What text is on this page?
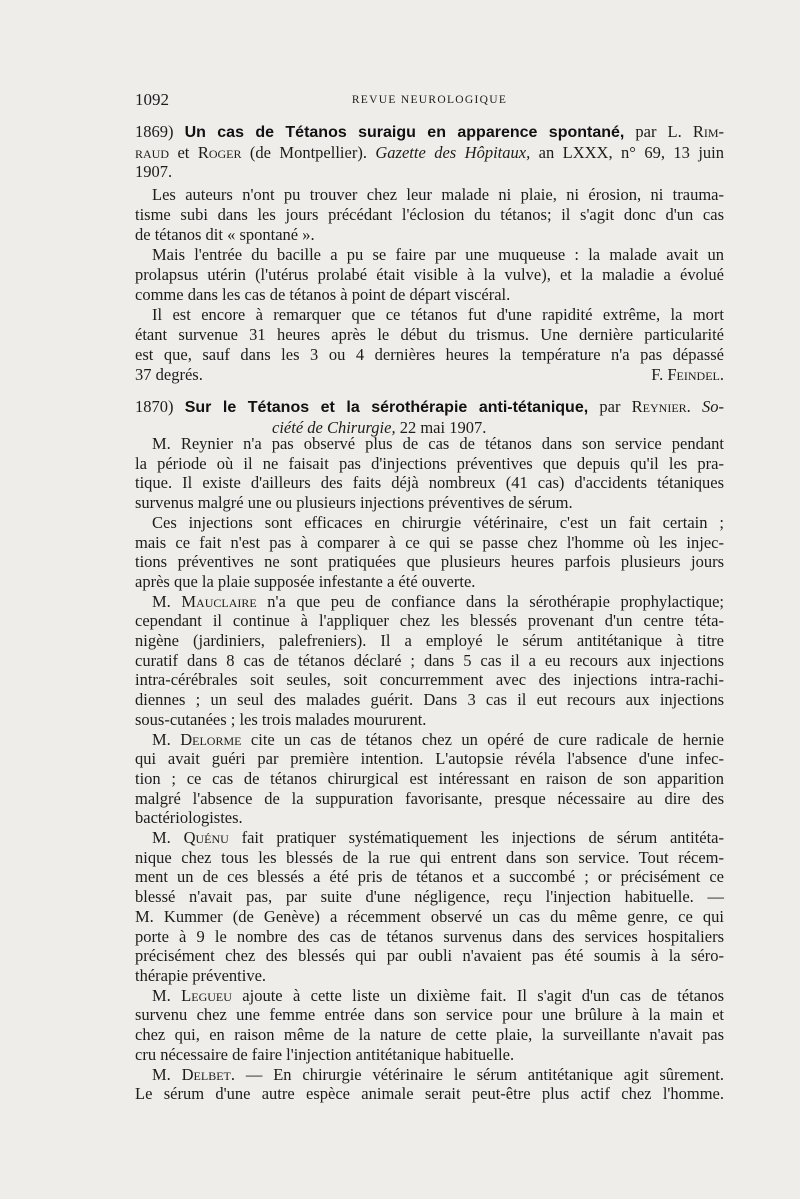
1092	REVUE NEUROLOGIQUE
1869) Un cas de Tétanos suraigu en apparence spontané, par L. Rim-
raud et Roger (de Montpellier). Gazette des Hôpitaux, an LXXX, n° 69, 13 juin
1907.
Les auteurs n'ont pu trouver chez leur malade ni plaie, ni érosion, ni trauma-
tisme subi dans les jours précédant l'éclosion du tétanos; il s'agit donc d'un cas
de tétanos dit « spontané ».
Mais l'entrée du bacille a pu se faire par une muqueuse : la malade avait un
prolapsus utérin (l'utérus prolabé était visible à la vulve), et la maladie a évolué
comme dans les cas de tétanos à point de départ viscéral.
Il est encore à remarquer que ce tétanos fut d'une rapidité extrême, la mort
étant survenue 31 heures après le début du trismus. Une dernière particularité
est que, sauf dans les 3 ou 4 dernières heures la température n'a pas dépassé
F. Feindel.
37 degrés.
1870) Sur le Tétanos et la sérothérapie anti-tétanique, par Reynier. So-
ciété de Chirurgie, 22 mai 1907.
M. Reynier n'a pas observé plus de cas de tétanos dans son service pendant
la période où il ne faisait pas d'injections préventives que depuis qu'il les pra-
tique. Il existe d'ailleurs des faits déjà nombreux (41 cas) d'accidents tétaniques
survenus malgré une ou plusieurs injections préventives de sérum.
Ces injections sont efficaces en chirurgie vétérinaire, c'est un fait certain ;
mais ce fait n'est pas à comparer à ce qui se passe chez l'homme où les injec-
tions préventives ne sont pratiquées que plusieurs heures parfois plusieurs jours
après que la plaie supposée infestante a été ouverte.
M. Mauclaire n'a que peu de confiance dans la sérothérapie prophylactique;
cependant il continue à l'appliquer chez les blessés provenant d'un centre téta-
nigène (jardiniers, palefreniers). Il a employé le sérum antitétanique à titre
curatif dans 8 cas de tétanos déclaré ; dans 5 cas il a eu recours aux injections
intra-cérébrales soit seules, soit concurremment avec des injections intra-rachi-
diennes ; un seul des malades guérit. Dans 3 cas il eut recours aux injections
sous-cutanées ; les trois malades moururent.
M. Delorme cite un cas de tétanos chez un opéré de cure radicale de hernie
qui avait guéri par première intention. L'autopsie révéla l'absence d'une infec-
tion ; ce cas de tétanos chirurgical est intéressant en raison de son apparition
malgré l'absence de la suppuration favorisante, presque nécessaire au dire des
bactériologistes.
M. Quénu fait pratiquer systématiquement les injections de sérum antitéta-
nique chez tous les blessés de la rue qui entrent dans son service. Tout récem-
ment un de ces blessés a été pris de tétanos et a succombé ; or précisément ce
blessé n'avait pas, par suite d'une négligence, reçu l'injection habituelle. —
M. Kummer (de Genève) a récemment observé un cas du même genre, ce qui
porte à 9 le nombre des cas de tétanos survenus dans des services hospitaliers
précisément chez des blessés qui par oubli n'avaient pas été soumis à la séro-
thérapie préventive.
M. Legueu ajoute à cette liste un dixième fait. Il s'agit d'un cas de tétanos
survenu chez une femme entrée dans son service pour une brûlure à la main et
chez qui, en raison même de la nature de cette plaie, la surveillante n'avait pas
cru nécessaire de faire l'injection antitétanique habituelle.
M. Delbet. — En chirurgie vétérinaire le sérum antitétanique agit sûrement.
Le sérum d'une autre espèce animale serait peut-être plus actif chez l'homme.
